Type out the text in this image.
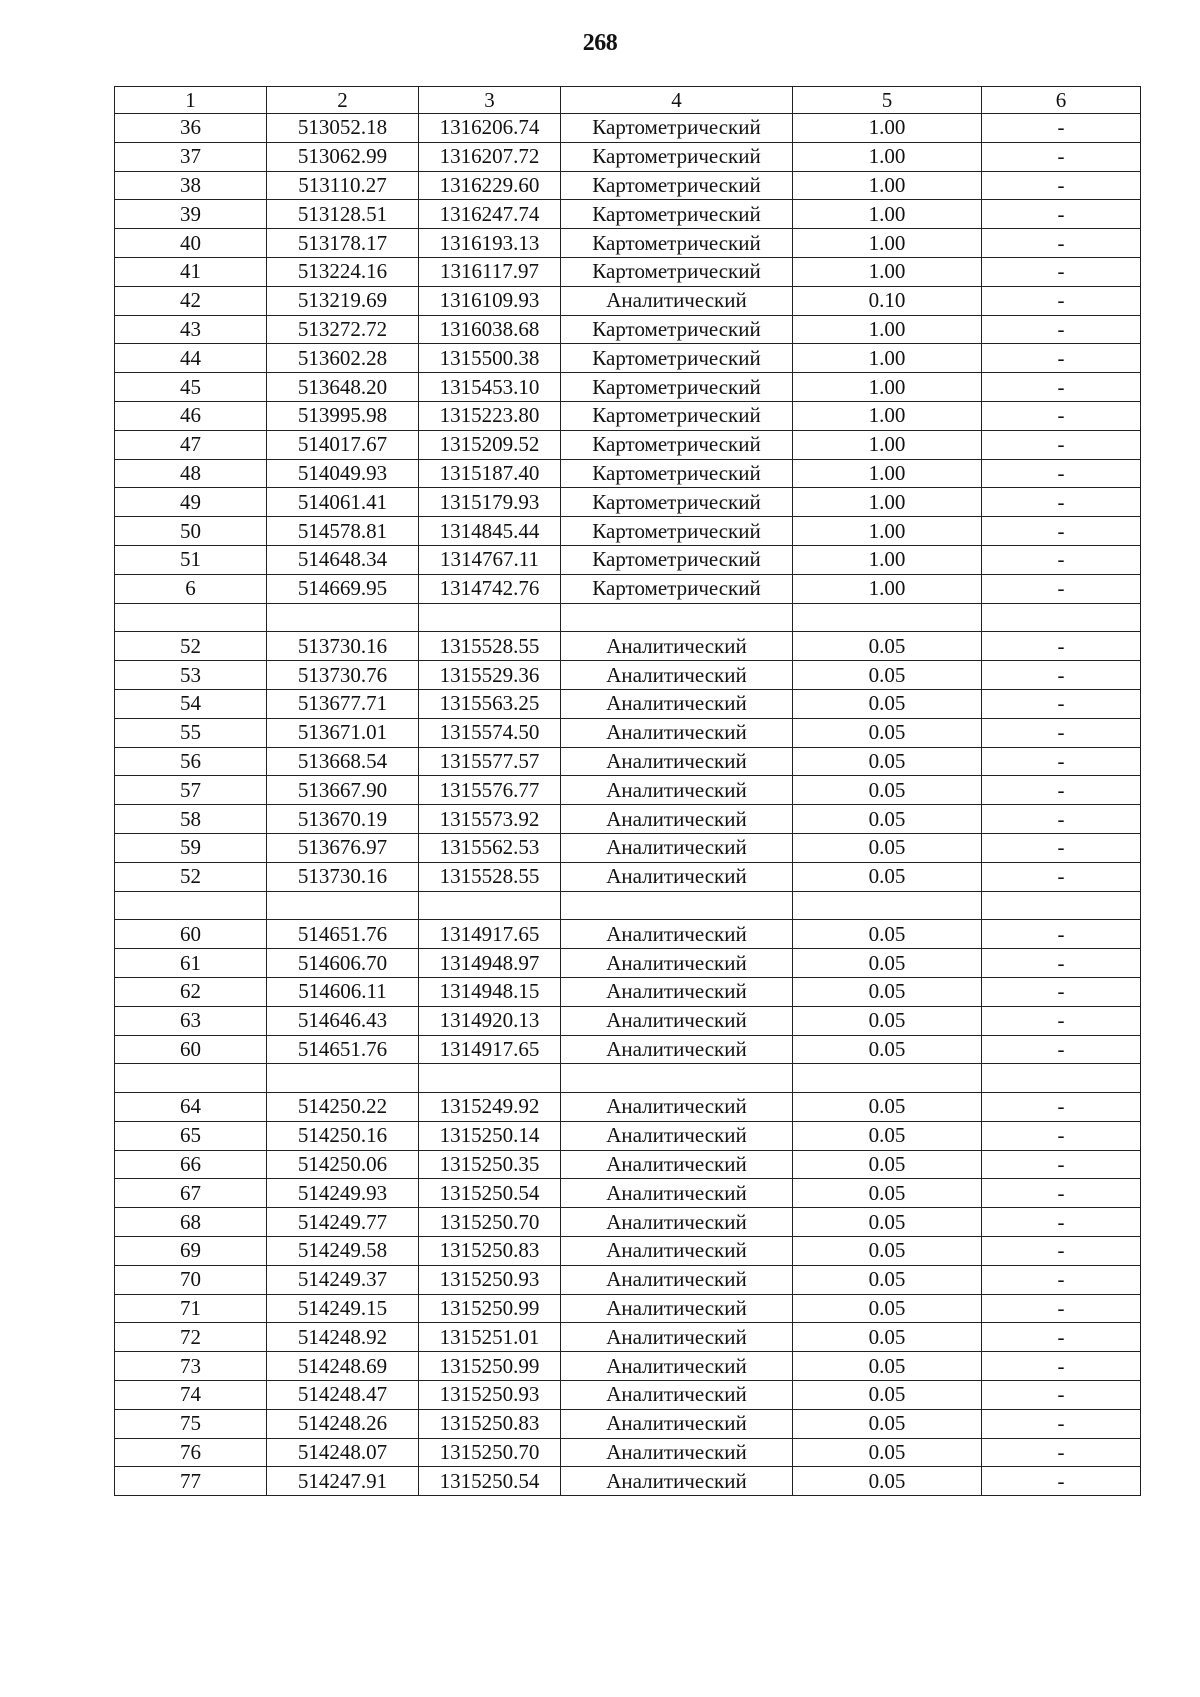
268
1	2	3	4	5	6
36	513052.18	1316206.74	Картометрический	1.00	-
37	513062.99	1316207.72	Картометрический	1.00	-
38	513110.27	1316229.60	Картометрический	1.00	-
39	513128.51	1316247.74	Картометрический	1.00	-
40	513178.17	1316193.13	Картометрический	1.00	-
41	513224.16	1316117.97	Картометрический	1.00	-
42	513219.69	1316109.93	Аналитический	0.10	-
43	513272.72	1316038.68	Картометрический	1.00	-
44	513602.28	1315500.38	Картометрический	1.00	-
45	513648.20	1315453.10	Картометрический	1.00	-
46	513995.98	1315223.80	Картометрический	1.00	-
47	514017.67	1315209.52	Картометрический	1.00	-
48	514049.93	1315187.40	Картометрический	1.00	-
49	514061.41	1315179.93	Картометрический	1.00	-
50	514578.81	1314845.44	Картометрический	1.00	-
51	514648.34	1314767.11	Картометрический	1.00	-
6	514669.95	1314742.76	Картометрический	1.00	-

52	513730.16	1315528.55	Аналитический	0.05	-
53	513730.76	1315529.36	Аналитический	0.05	-
54	513677.71	1315563.25	Аналитический	0.05	-
55	513671.01	1315574.50	Аналитический	0.05	-
56	513668.54	1315577.57	Аналитический	0.05	-
57	513667.90	1315576.77	Аналитический	0.05	-
58	513670.19	1315573.92	Аналитический	0.05	-
59	513676.97	1315562.53	Аналитический	0.05	-
52	513730.16	1315528.55	Аналитический	0.05	-

60	514651.76	1314917.65	Аналитический	0.05	-
61	514606.70	1314948.97	Аналитический	0.05	-
62	514606.11	1314948.15	Аналитический	0.05	-
63	514646.43	1314920.13	Аналитический	0.05	-
60	514651.76	1314917.65	Аналитический	0.05	-

64	514250.22	1315249.92	Аналитический	0.05	-
65	514250.16	1315250.14	Аналитический	0.05	-
66	514250.06	1315250.35	Аналитический	0.05	-
67	514249.93	1315250.54	Аналитический	0.05	-
68	514249.77	1315250.70	Аналитический	0.05	-
69	514249.58	1315250.83	Аналитический	0.05	-
70	514249.37	1315250.93	Аналитический	0.05	-
71	514249.15	1315250.99	Аналитический	0.05	-
72	514248.92	1315251.01	Аналитический	0.05	-
73	514248.69	1315250.99	Аналитический	0.05	-
74	514248.47	1315250.93	Аналитический	0.05	-
75	514248.26	1315250.83	Аналитический	0.05	-
76	514248.07	1315250.70	Аналитический	0.05	-
77	514247.91	1315250.54	Аналитический	0.05	-
